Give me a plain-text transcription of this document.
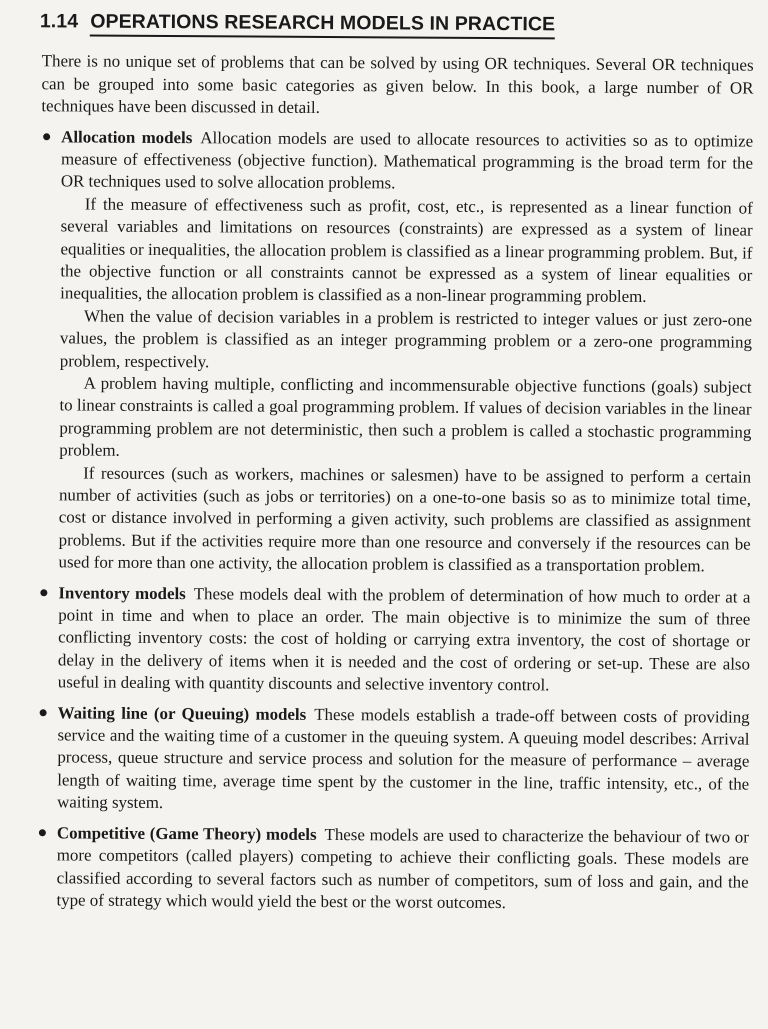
1.14 OPERATIONS RESEARCH MODELS IN PRACTICE

There is no unique set of problems that can be solved by using OR techniques. Several OR techniques can be grouped into some basic categories as given below. In this book, a large number of OR techniques have been discussed in detail.

Allocation models Allocation models are used to allocate resources to activities so as to optimize measure of effectiveness (objective function). Mathematical programming is the broad term for the OR techniques used to solve allocation problems.

If the measure of effectiveness such as profit, cost, etc., is represented as a linear function of several variables and limitations on resources (constraints) are expressed as a system of linear equalities or inequalities, the allocation problem is classified as a linear programming problem. But, if the objective function or all constraints cannot be expressed as a system of linear equalities or inequalities, the allocation problem is classified as a non-linear programming problem.

When the value of decision variables in a problem is restricted to integer values or just zero-one values, the problem is classified as an integer programming problem or a zero-one programming problem, respectively.

A problem having multiple, conflicting and incommensurable objective functions (goals) subject to linear constraints is called a goal programming problem. If values of decision variables in the linear programming problem are not deterministic, then such a problem is called a stochastic programming problem.

If resources (such as workers, machines or salesmen) have to be assigned to perform a certain number of activities (such as jobs or territories) on a one-to-one basis so as to minimize total time, cost or distance involved in performing a given activity, such problems are classified as assignment problems. But if the activities require more than one resource and conversely if the resources can be used for more than one activity, the allocation problem is classified as a transportation problem.

Inventory models These models deal with the problem of determination of how much to order at a point in time and when to place an order. The main objective is to minimize the sum of three conflicting inventory costs: the cost of holding or carrying extra inventory, the cost of shortage or delay in the delivery of items when it is needed and the cost of ordering or set-up. These are also useful in dealing with quantity discounts and selective inventory control.

Waiting line (or Queuing) models These models establish a trade-off between costs of providing service and the waiting time of a customer in the queuing system. A queuing model describes: Arrival process, queue structure and service process and solution for the measure of performance – average length of waiting time, average time spent by the customer in the line, traffic intensity, etc., of the waiting system.

Competitive (Game Theory) models These models are used to characterize the behaviour of two or more competitors (called players) competing to achieve their conflicting goals. These models are classified according to several factors such as number of competitors, sum of loss and gain, and the type of strategy which would yield the best or the worst outcomes.
